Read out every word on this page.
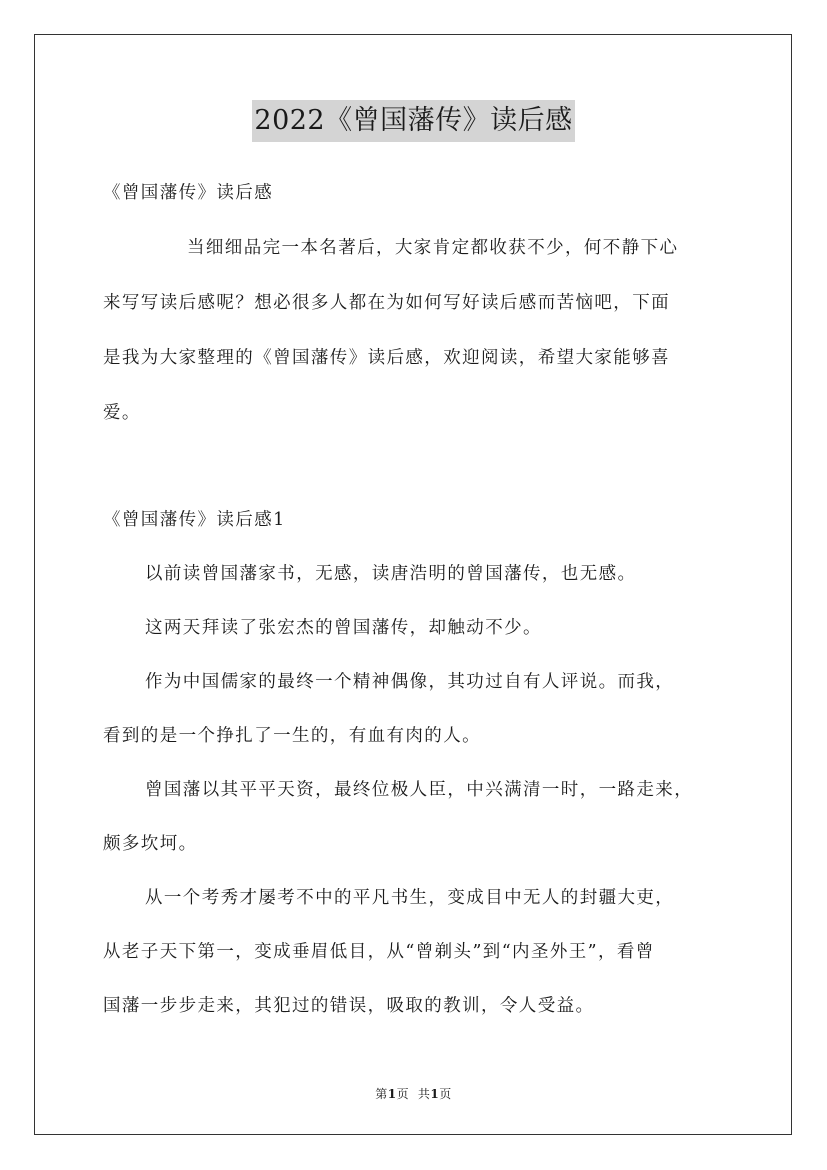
2022《曾国藩传》读后感
《曾国藩传》读后感
当细细品完一本名著后，大家肯定都收获不少，何不静下心
来写写读后感呢？想必很多人都在为如何写好读后感而苦恼吧，下面
是我为大家整理的《曾国藩传》读后感，欢迎阅读，希望大家能够喜
爱。
《曾国藩传》读后感1
以前读曾国藩家书，无感，读唐浩明的曾国藩传，也无感。
这两天拜读了张宏杰的曾国藩传，却触动不少。
作为中国儒家的最终一个精神偶像，其功过自有人评说。而我，
看到的是一个挣扎了一生的，有血有肉的人。
曾国藩以其平平天资，最终位极人臣，中兴满清一时，一路走来，
颇多坎坷。
从一个考秀才屡考不中的平凡书生，变成目中无人的封疆大吏，
从老子天下第一，变成垂眉低目，从“曾剃头”到“内圣外王”，看曾
国藩一步步走来，其犯过的错误，吸取的教训，令人受益。
第1页 共1页
